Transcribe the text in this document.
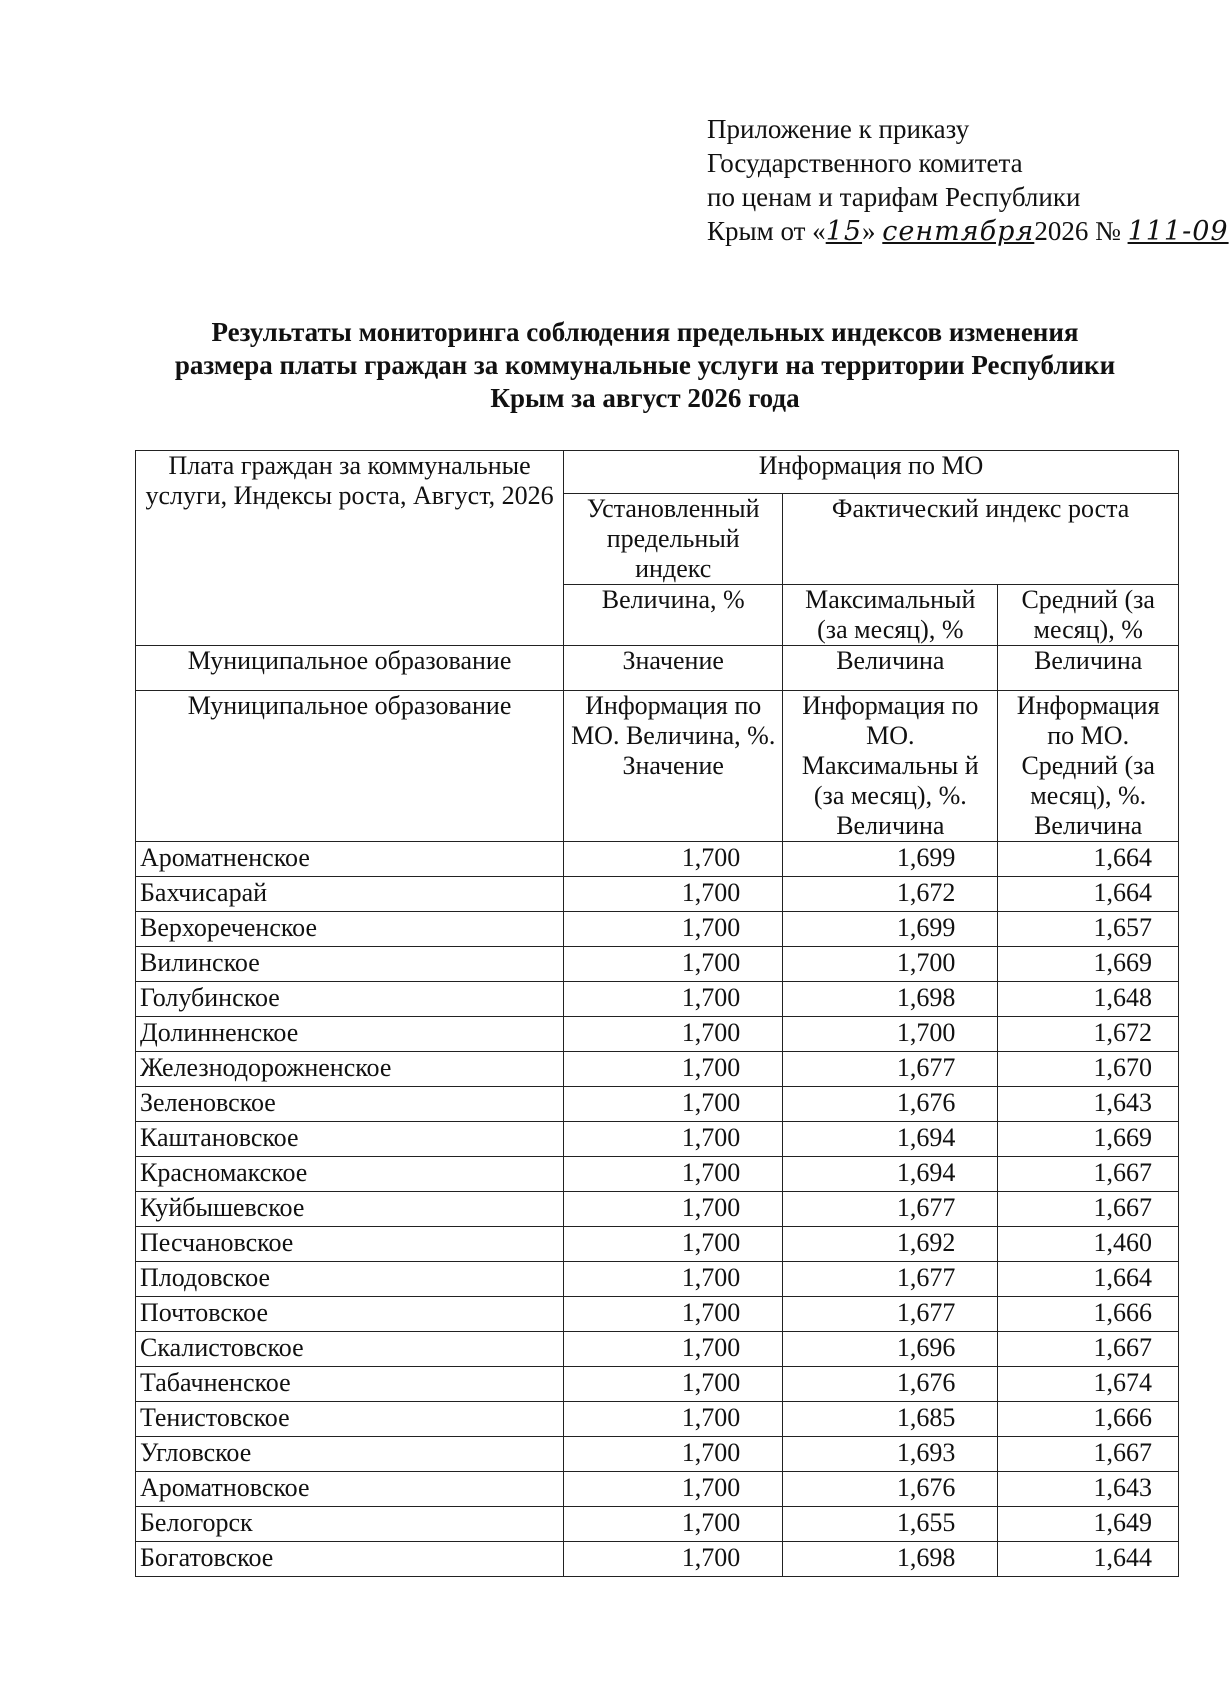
Приложение к приказу
Государственного комитета
по ценам и тарифам Республики
Крым от «15» сентября2026 № 111-09
Результаты мониторинга соблюдения предельных индексов изменения
размера платы граждан за коммунальные услуги на территории Республики
Крым за август 2026 года
Плата граждан за коммунальные услуги, Индексы роста, Август, 2026	Информация по МО		
	Установленный предельный индекс	Фактический индекс роста	
	Величина, %	Максимальный (за месяц), %	Средний (за месяц), %
Муниципальное образование	Значение	Величина	Величина
Муниципальное образование	Информация по МО. Величина, %. Значение	Информация по МО. Максимальны й (за месяц), %. Величина	Информация по МО. Средний (за месяц), %. Величина
Ароматненское	1,700	1,699	1,664
Бахчисарай	1,700	1,672	1,664
Верхореченское	1,700	1,699	1,657
Вилинское	1,700	1,700	1,669
Голубинское	1,700	1,698	1,648
Долинненское	1,700	1,700	1,672
Железнодорожненское	1,700	1,677	1,670
Зеленовское	1,700	1,676	1,643
Каштановское	1,700	1,694	1,669
Красномакское	1,700	1,694	1,667
Куйбышевское	1,700	1,677	1,667
Песчановское	1,700	1,692	1,460
Плодовское	1,700	1,677	1,664
Почтовское	1,700	1,677	1,666
Скалистовское	1,700	1,696	1,667
Табачненское	1,700	1,676	1,674
Тенистовское	1,700	1,685	1,666
Угловское	1,700	1,693	1,667
Ароматновское	1,700	1,676	1,643
Белогорск	1,700	1,655	1,649
Богатовское	1,700	1,698	1,644
